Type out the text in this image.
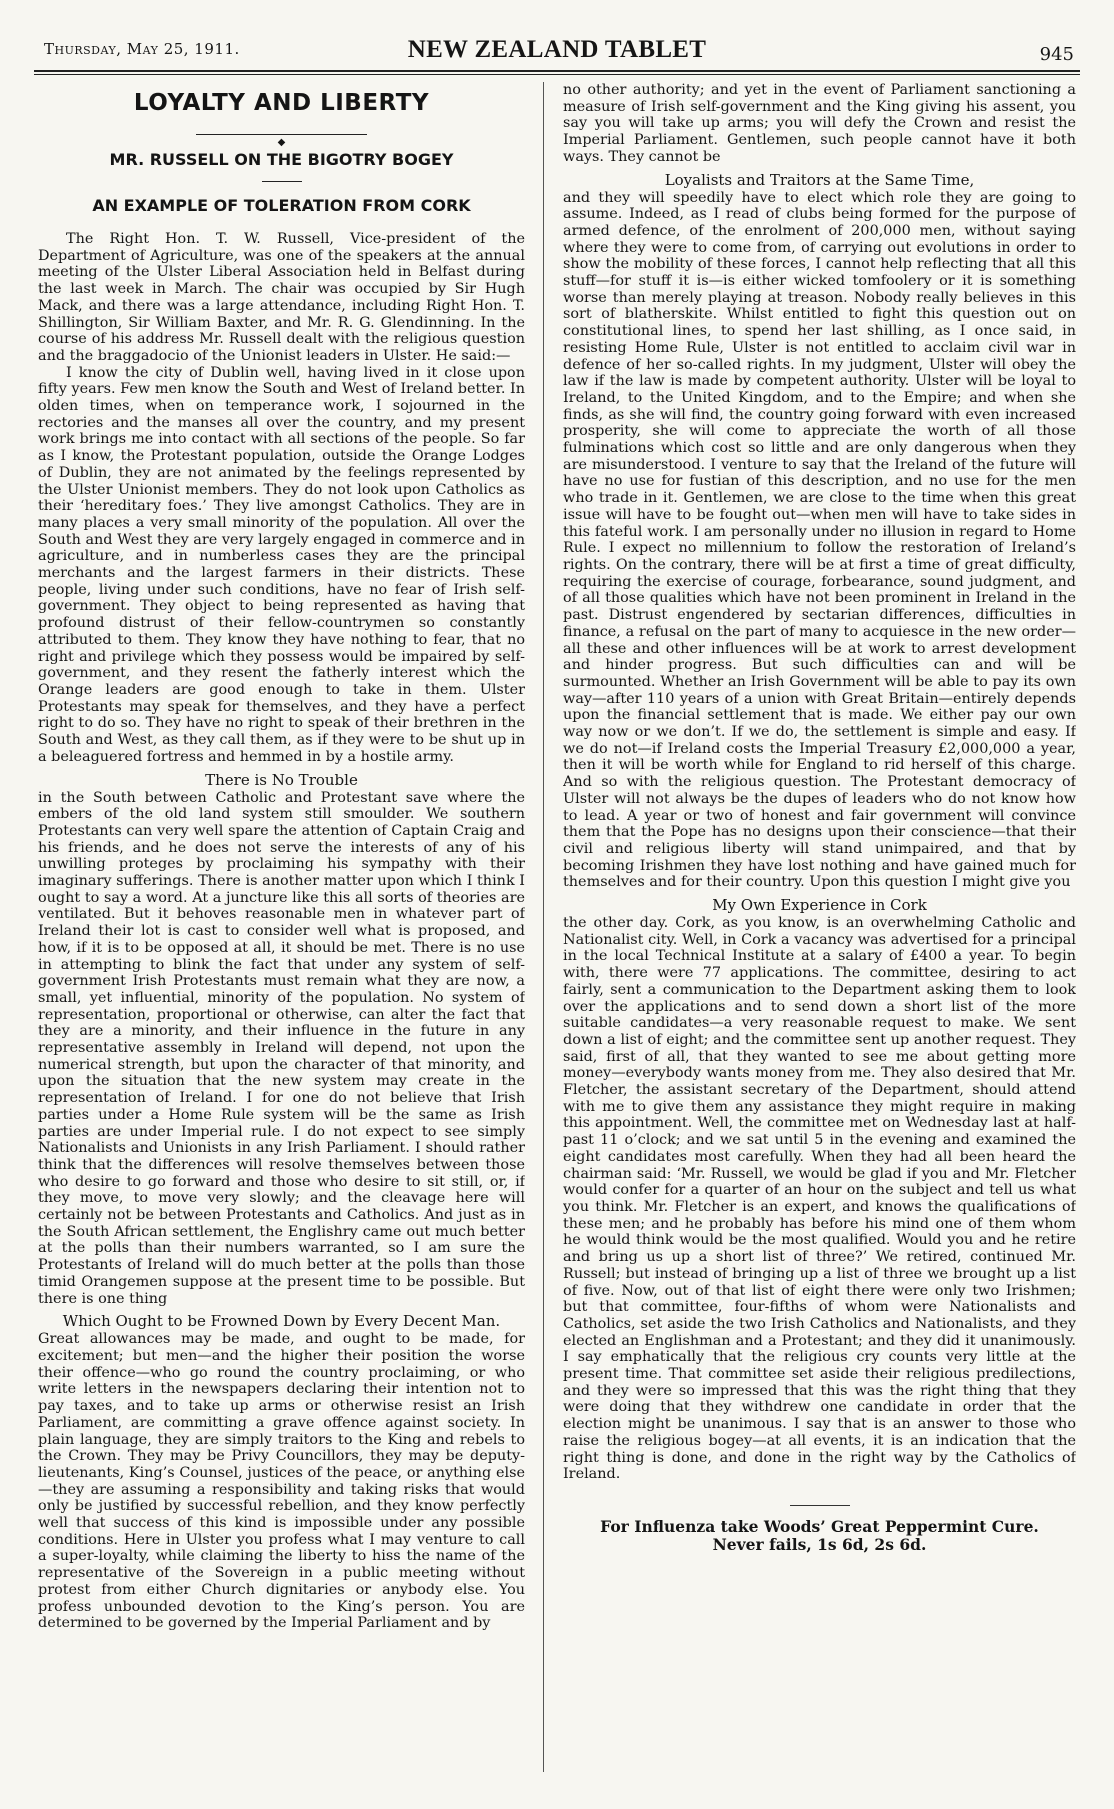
Thursday, May 25, 1911.	NEW ZEALAND TABLET	945
LOYALTY AND LIBERTY
◆
MR. RUSSELL ON THE BIGOTRY BOGEY
AN EXAMPLE OF TOLERATION FROM CORK

The Right Hon. T. W. Russell, Vice-president of the Department of Agriculture, was one of the speakers at the annual meeting of the Ulster Liberal Association held in Belfast during the last week in March. The chair was occupied by Sir Hugh Mack, and there was a large attendance, including Right Hon. T. Shillington, Sir William Baxter, and Mr. R. G. Glendinning. In the course of his address Mr. Russell dealt with the religious question and the braggadocio of the Unionist leaders in Ulster. He said:—

I know the city of Dublin well, having lived in it close upon fifty years. Few men know the South and West of Ireland better. In olden times, when on temperance work, I sojourned in the rectories and the manses all over the country, and my present work brings me into contact with all sections of the people. So far as I know, the Protestant population, outside the Orange Lodges of Dublin, they are not animated by the feelings represented by the Ulster Unionist members. They do not look upon Catholics as their ‘hereditary foes.’ They live amongst Catholics. They are in many places a very small minority of the population. All over the South and West they are very largely engaged in commerce and in agriculture, and in numberless cases they are the principal merchants and the largest farmers in their districts. These people, living under such conditions, have no fear of Irish self-government. They object to being represented as having that profound distrust of their fellow-countrymen so constantly attributed to them. They know they have nothing to fear, that no right and privilege which they possess would be impaired by self-government, and they resent the fatherly interest which the Orange leaders are good enough to take in them. Ulster Protestants may speak for themselves, and they have a perfect right to do so. They have no right to speak of their brethren in the South and West, as they call them, as if they were to be shut up in a beleaguered fortress and hemmed in by a hostile army.

There is No Trouble

in the South between Catholic and Protestant save where the embers of the old land system still smoulder. We southern Protestants can very well spare the attention of Captain Craig and his friends, and he does not serve the interests of any of his unwilling proteges by proclaiming his sympathy with their imaginary sufferings. There is another matter upon which I think I ought to say a word. At a juncture like this all sorts of theories are ventilated. But it behoves reasonable men in whatever part of Ireland their lot is cast to consider well what is proposed, and how, if it is to be opposed at all, it should be met. There is no use in attempting to blink the fact that under any system of self-government Irish Protestants must remain what they are now, a small, yet influential, minority of the population. No system of representation, proportional or otherwise, can alter the fact that they are a minority, and their influence in the future in any representative assembly in Ireland will depend, not upon the numerical strength, but upon the character of that minority, and upon the situation that the new system may create in the representation of Ireland. I for one do not believe that Irish parties under a Home Rule system will be the same as Irish parties are under Imperial rule. I do not expect to see simply Nationalists and Unionists in any Irish Parliament. I should rather think that the differences will resolve themselves between those who desire to go forward and those who desire to sit still, or, if they move, to move very slowly; and the cleavage here will certainly not be between Protestants and Catholics. And just as in the South African settlement, the Englishry came out much better at the polls than their numbers warranted, so I am sure the Protestants of Ireland will do much better at the polls than those timid Orangemen suppose at the present time to be possible. But there is one thing

Which Ought to be Frowned Down by Every Decent Man.

Great allowances may be made, and ought to be made, for excitement; but men—and the higher their position the worse their offence—who go round the country proclaiming, or who write letters in the newspapers declaring their intention not to pay taxes, and to take up arms or otherwise resist an Irish Parliament, are committing a grave offence against society. In plain language, they are simply traitors to the King and rebels to the Crown. They may be Privy Councillors, they may be deputy-lieutenants, King’s Counsel, justices of the peace, or anything else—they are assuming a responsibility and taking risks that would only be justified by successful rebellion, and they know perfectly well that success of this kind is impossible under any possible conditions. Here in Ulster you profess what I may venture to call a super-loyalty, while claiming the liberty to hiss the name of the representative of the Sovereign in a public meeting without protest from either Church dignitaries or anybody else. You profess unbounded devotion to the King’s person. You are determined to be governed by the Imperial Parliament and by

no other authority; and yet in the event of Parliament sanctioning a measure of Irish self-government and the King giving his assent, you say you will take up arms; you will defy the Crown and resist the Imperial Parliament. Gentlemen, such people cannot have it both ways. They cannot be

Loyalists and Traitors at the Same Time,

and they will speedily have to elect which role they are going to assume. Indeed, as I read of clubs being formed for the purpose of armed defence, of the enrolment of 200,000 men, without saying where they were to come from, of carrying out evolutions in order to show the mobility of these forces, I cannot help reflecting that all this stuff—for stuff it is—is either wicked tomfoolery or it is something worse than merely playing at treason. Nobody really believes in this sort of blatherskite. Whilst entitled to fight this question out on constitutional lines, to spend her last shilling, as I once said, in resisting Home Rule, Ulster is not entitled to acclaim civil war in defence of her so-called rights. In my judgment, Ulster will obey the law if the law is made by competent authority. Ulster will be loyal to Ireland, to the United Kingdom, and to the Empire; and when she finds, as she will find, the country going forward with even increased prosperity, she will come to appreciate the worth of all those fulminations which cost so little and are only dangerous when they are misunderstood. I venture to say that the Ireland of the future will have no use for fustian of this description, and no use for the men who trade in it. Gentlemen, we are close to the time when this great issue will have to be fought out—when men will have to take sides in this fateful work. I am personally under no illusion in regard to Home Rule. I expect no millennium to follow the restoration of Ireland’s rights. On the contrary, there will be at first a time of great difficulty, requiring the exercise of courage, forbearance, sound judgment, and of all those qualities which have not been prominent in Ireland in the past. Distrust engendered by sectarian differences, difficulties in finance, a refusal on the part of many to acquiesce in the new order—all these and other influences will be at work to arrest development and hinder progress. But such difficulties can and will be surmounted. Whether an Irish Government will be able to pay its own way—after 110 years of a union with Great Britain—entirely depends upon the financial settlement that is made. We either pay our own way now or we don’t. If we do, the settlement is simple and easy. If we do not—if Ireland costs the Imperial Treasury £2,000,000 a year, then it will be worth while for England to rid herself of this charge. And so with the religious question. The Protestant democracy of Ulster will not always be the dupes of leaders who do not know how to lead. A year or two of honest and fair government will convince them that the Pope has no designs upon their conscience—that their civil and religious liberty will stand unimpaired, and that by becoming Irishmen they have lost nothing and have gained much for themselves and for their country. Upon this question I might give you

My Own Experience in Cork

the other day. Cork, as you know, is an overwhelming Catholic and Nationalist city. Well, in Cork a vacancy was advertised for a principal in the local Technical Institute at a salary of £400 a year. To begin with, there were 77 applications. The committee, desiring to act fairly, sent a communication to the Department asking them to look over the applications and to send down a short list of the more suitable candidates—a very reasonable request to make. We sent down a list of eight; and the committee sent up another request. They said, first of all, that they wanted to see me about getting more money—everybody wants money from me. They also desired that Mr. Fletcher, the assistant secretary of the Department, should attend with me to give them any assistance they might require in making this appointment. Well, the committee met on Wednesday last at half-past 11 o’clock; and we sat until 5 in the evening and examined the eight candidates most carefully. When they had all been heard the chairman said: ‘Mr. Russell, we would be glad if you and Mr. Fletcher would confer for a quarter of an hour on the subject and tell us what you think. Mr. Fletcher is an expert, and knows the qualifications of these men; and he probably has before his mind one of them whom he would think would be the most qualified. Would you and he retire and bring us up a short list of three?’ We retired, continued Mr. Russell; but instead of bringing up a list of three we brought up a list of five. Now, out of that list of eight there were only two Irishmen; but that committee, four-fifths of whom were Nationalists and Catholics, set aside the two Irish Catholics and Nationalists, and they elected an Englishman and a Protestant; and they did it unanimously. I say emphatically that the religious cry counts very little at the present time. That committee set aside their religious predilections, and they were so impressed that this was the right thing that they were doing that they withdrew one candidate in order that the election might be unanimous. I say that is an answer to those who raise the religious bogey—at all events, it is an indication that the right thing is done, and done in the right way by the Catholics of Ireland.

For Influenza take Woods’ Great Peppermint Cure.
Never fails, 1s 6d, 2s 6d.
